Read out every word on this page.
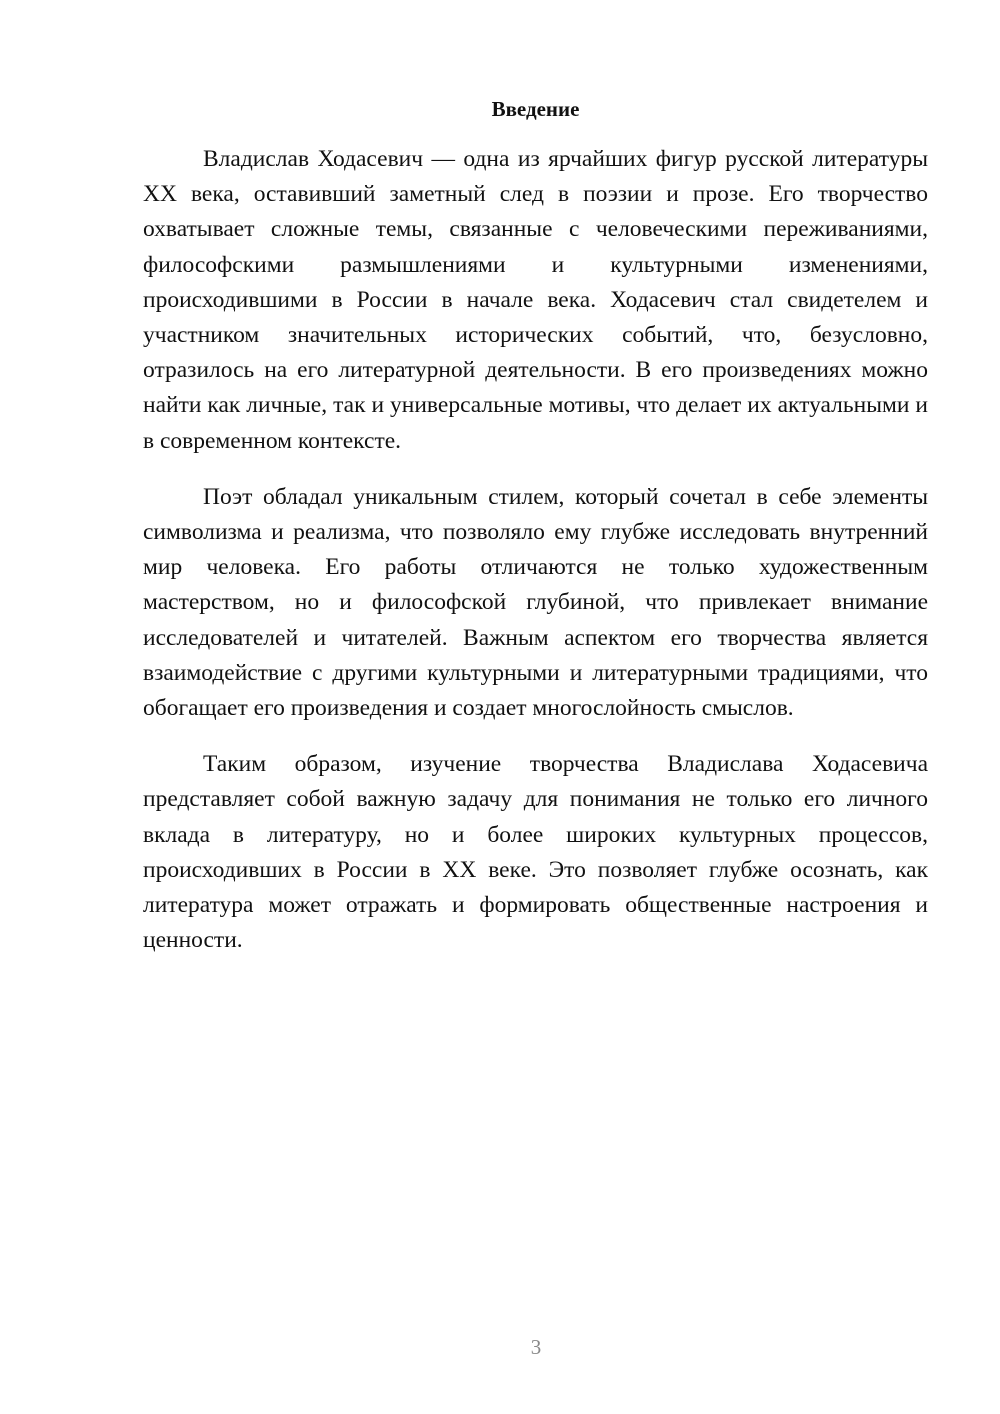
Введение

Владислав Ходасевич — одна из ярчайших фигур русской литературы XX века, оставивший заметный след в поэзии и прозе. Его творчество охватывает сложные темы, связанные с человеческими переживаниями, философскими размышлениями и культурными изменениями, происходившими в России в начале века. Ходасевич стал свидетелем и участником значительных исторических событий, что, безусловно, отразилось на его литературной деятельности. В его произведениях можно найти как личные, так и универсальные мотивы, что делает их актуальными и в современном контексте.

Поэт обладал уникальным стилем, который сочетал в себе элементы символизма и реализма, что позволяло ему глубже исследовать внутренний мир человека. Его работы отличаются не только художественным мастерством, но и философской глубиной, что привлекает внимание исследователей и читателей. Важным аспектом его творчества является взаимодействие с другими культурными и литературными традициями, что обогащает его произведения и создает многослойность смыслов.

Таким образом, изучение творчества Владислава Ходасевича представляет собой важную задачу для понимания не только его личного вклада в литературу, но и более широких культурных процессов, происходивших в России в XX веке. Это позволяет глубже осознать, как литература может отражать и формировать общественные настроения и ценности.

3
